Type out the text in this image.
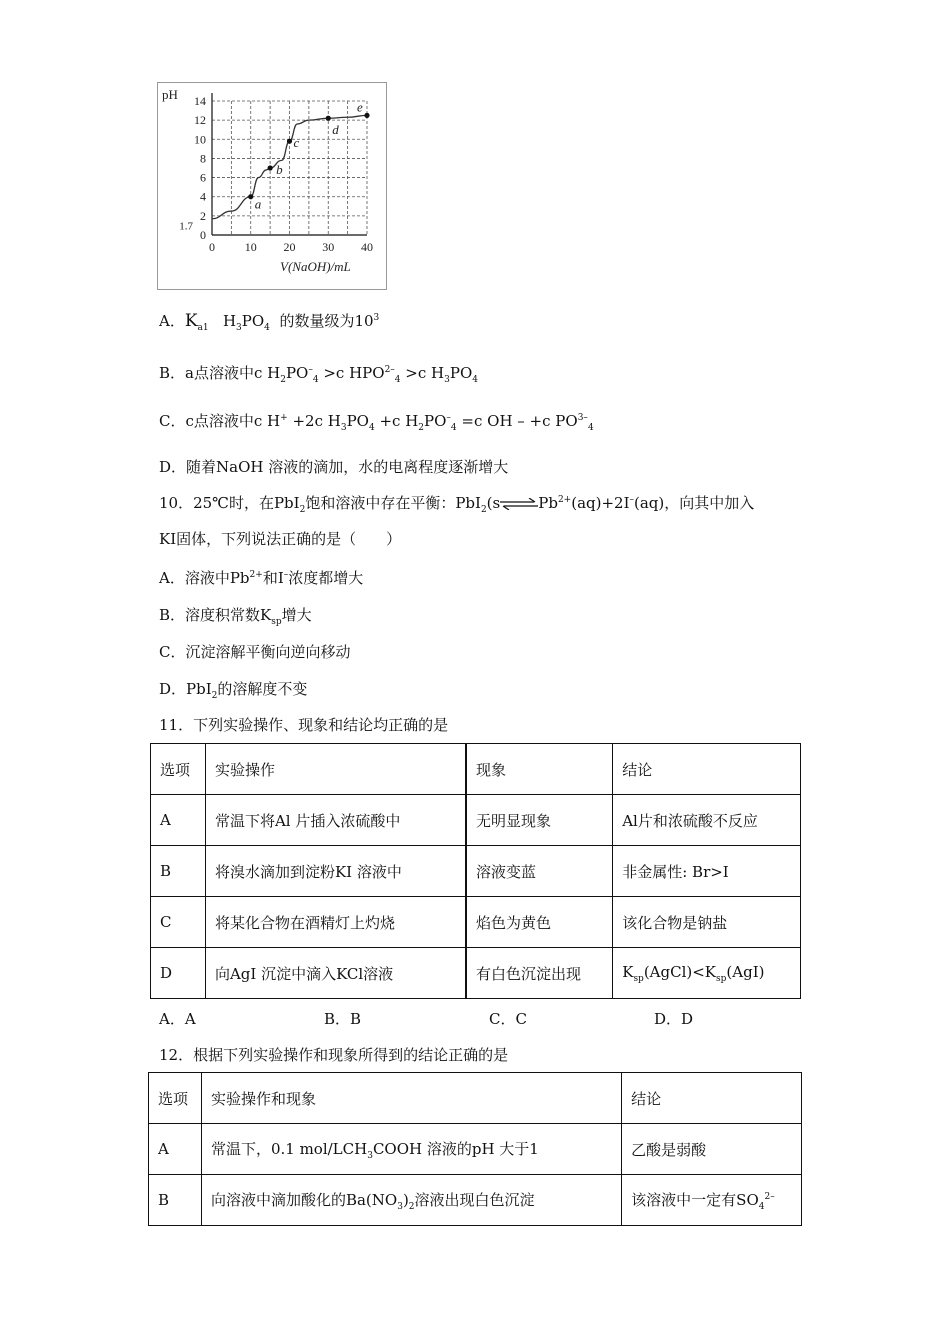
14
12
10
8
6
4
2
0
1.7
0 10 20 30 40
pH
V(NaOH)/mL
a
b
c
d
e
A．$K_{a1}$ $H_3PO_4$ 的数量级为$10^3$
B．a点溶液中c $H_2PO^-_4 >c$ $HPO^{2-}_4 >c$ $H_3PO_4$
C．c点溶液中c H+ +2c $H_3PO_4 +c$ $H_2PO^-_4 =c$ OH – +c $PO^{3-}_4$
D．随着NaOH 溶液的滴加，水的电离程度逐渐增大
10．25℃时，在PbI$_2$饱和溶液中存在平衡：$PbI_2(s\rightleftharpoons Pb^{2+}(aq)+2I^-(aq)$，向其中加入
KI固体，下列说法正确的是（　　）
A．溶液中$Pb^{2+}$和I–浓度都增大
B．溶度积常数$K_{sp}$增大
C．沉淀溶解平衡向逆向移动
D．PbI$_2$的溶解度不变
11．下列实验操作、现象和结论均正确的是
选项	实验操作	现象	结论
A	常温下将Al 片插入浓硫酸中	无明显现象	Al片和浓硫酸不反应
B	将溴水滴加到淀粉KI 溶液中	溶液变蓝	非金属性: Br>I
C	将某化合物在酒精灯上灼烧	焰色为黄色	该化合物是钠盐
D	向AgI 沉淀中滴入KCl溶液	有白色沉淀出现	$K_{sp}(AgCl)<K_{sp}(AgI)$
A．A	B．B	C．C	D．D
12．根据下列实验操作和现象所得到的结论正确的是
选项	实验操作和现象	结论
A	常温下，0.1 mol/$LCH_3COOH$ 溶液的pH 大于1	乙酸是弱酸
B	向溶液中滴加酸化的$Ba(NO_3)_2$溶液出现白色沉淀	该溶液中一定有$SO_4^{2-}$
